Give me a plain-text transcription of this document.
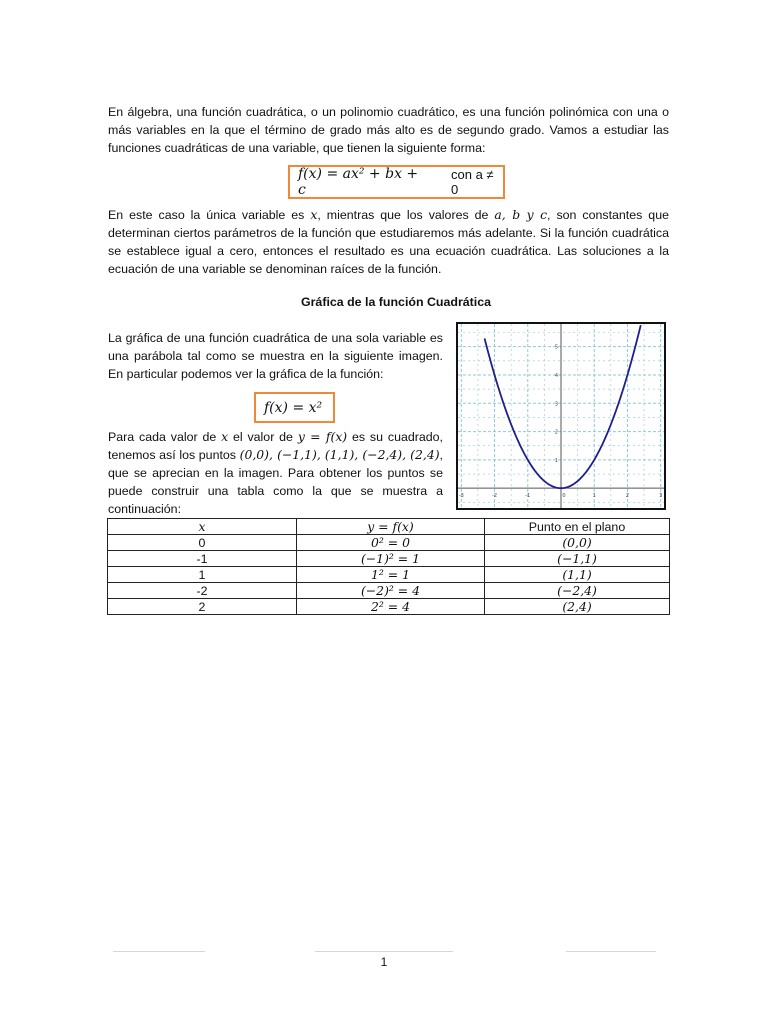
En álgebra, una función cuadrática, o un polinomio cuadrático, es una función polinómica con una o más variables en la que el término de grado más alto es de segundo grado. Vamos a estudiar las funciones cuadráticas de una variable, que tienen la siguiente forma:

f(x) = ax² + bx + c
con a ≠ 0

En este caso la única variable es x, mientras que los valores de a, b y c, son constantes que determinan ciertos parámetros de la función que estudiaremos más adelante. Si la función cuadrática se establece igual a cero, entonces el resultado es una ecuación cuadrática. Las soluciones a la ecuación de una variable se denominan raíces de la función.

Gráfica de la función Cuadrática

La gráfica de una función cuadrática de una sola variable es una parábola tal como se muestra en la siguiente imagen. En particular podemos ver la gráfica de la función:

f(x) = x²

Para cada valor de x el valor de y = f(x) es su cuadrado, tenemos así los puntos (0,0), (−1,1), (1,1), (−2,4), (2,4), que se aprecian en la imagen. Para obtener los puntos se puede construir una tabla como la que se muestra a continuación:

-3	-2	-1	0	1	2	3
1
2
3
4
5
x	y = f(x)	Punto en el plano
0	0² = 0	(0,0)
-1	(−1)² = 1	(−1,1)
1	1² = 1	(1,1)
-2	(−2)² = 4	(−2,4)
2	2² = 4	(2,4)
1
